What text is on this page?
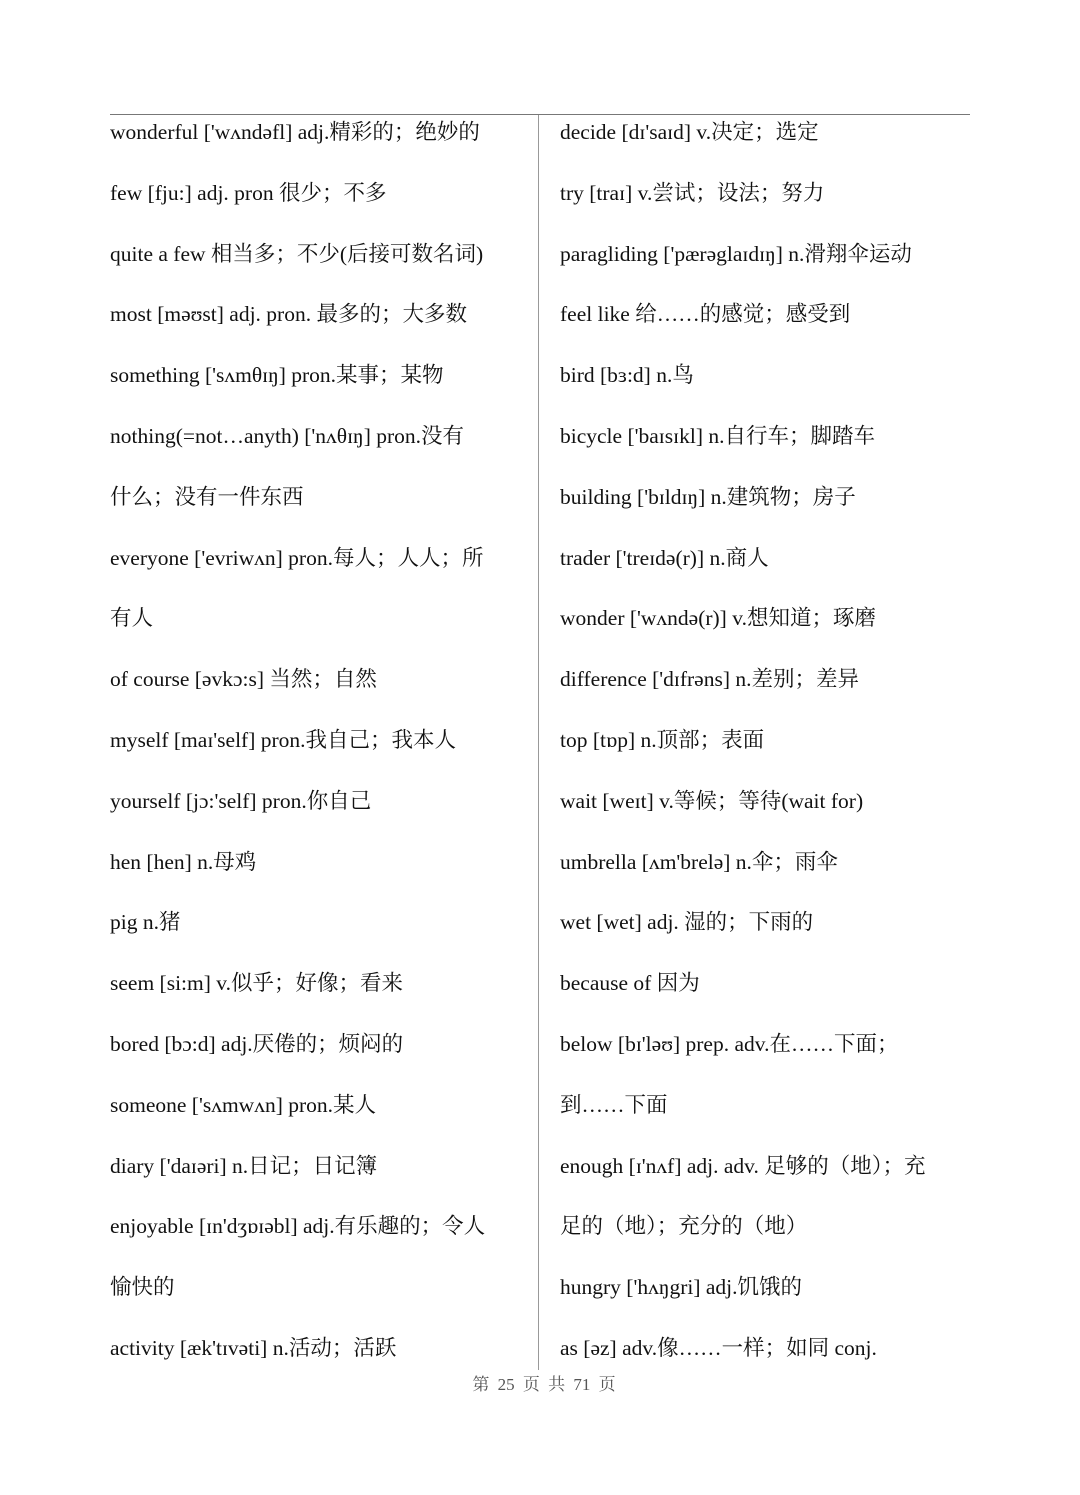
wonderful ['wʌndəfl] adj.精彩的；绝妙的
few [fju:] adj. pron 很少；不多
quite a few 相当多；不少(后接可数名词)
most [məʊst] adj. pron. 最多的；大多数
something ['sʌmθɪŋ] pron.某事；某物
nothing(=not…anyth) ['nʌθɪŋ] pron.没有
什么；没有一件东西
everyone ['evriwʌn] pron.每人；人人；所
有人
of course [əvkɔ:s] 当然；自然
myself [maɪ'self] pron.我自己；我本人
yourself [jɔ:'self] pron.你自己
hen [hen] n.母鸡
pig n.猪
seem [si:m] v.似乎；好像；看来
bored [bɔ:d] adj.厌倦的；烦闷的
someone ['sʌmwʌn] pron.某人
diary ['daɪəri] n.日记；日记簿
enjoyable [ɪn'dʒɒɪəbl] adj.有乐趣的；令人
愉快的
activity [æk'tɪvəti] n.活动；活跃
decide [dɪ'saɪd] v.决定；选定
try [traɪ] v.尝试；设法；努力
paragliding ['pærəglaɪdɪŋ] n.滑翔伞运动
feel like 给……的感觉；感受到
bird [bɜ:d] n.鸟
bicycle ['baɪsɪkl] n.自行车；脚踏车
building ['bɪldɪŋ] n.建筑物；房子
trader ['treɪdə(r)] n.商人
wonder ['wʌndə(r)] v.想知道；琢磨
difference ['dɪfrəns] n.差别；差异
top [tɒp] n.顶部；表面
wait [weɪt] v.等候；等待(wait for)
umbrella [ʌm'brelə] n.伞；雨伞
wet [wet] adj. 湿的；下雨的
because of 因为
below [bɪ'ləʊ] prep. adv.在……下面；
到……下面
enough [ɪ'nʌf] adj. adv. 足够的（地）；充
足的（地）；充分的（地）
hungry ['hʌŋgri] adj.饥饿的
as [əz] adv.像……一样；如同 conj.
第 25 页 共 71 页
